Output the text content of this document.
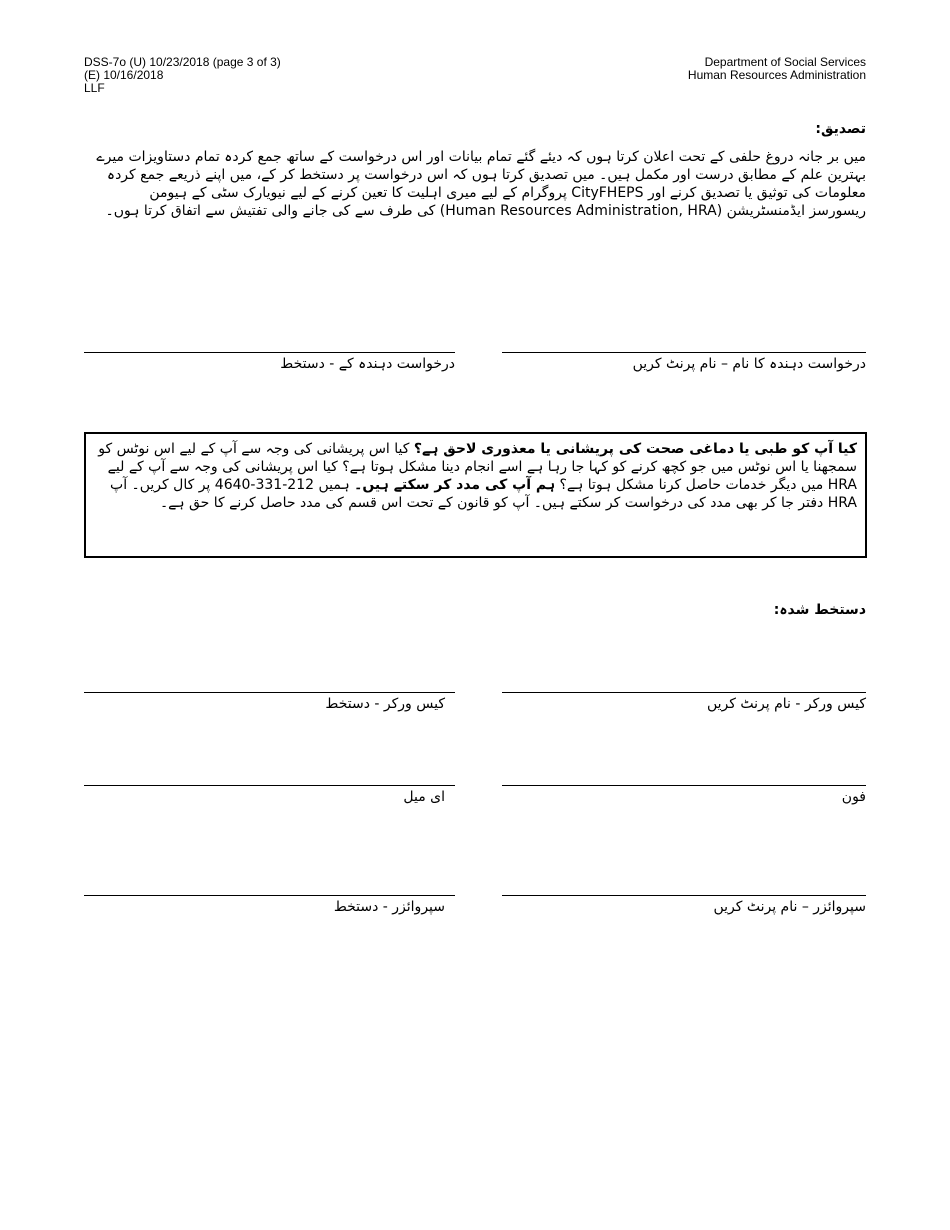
DSS-7o (U) 10/23/2018 (page 3 of 3)
(E) 10/16/2018
LLF
Department of Social Services
Human Resources Administration
تصدیق:
میں بر جانہ دروغ حلفی کے تحت اعلان کرتا ہوں کہ دیئے گئے تمام بیانات اور اس درخواست کے ساتھ جمع کردہ تمام دستاویزات میرے بہترین علم کے مطابق درست اور مکمل ہیں۔ میں تصدیق کرتا ہوں کہ اس درخواست پر دستخط کر کے، میں اپنے ذریعے جمع کردہ معلومات کی توثیق یا تصدیق کرنے اور CityFHEPS پروگرام کے لیے میری اہلیت کا تعین کرنے کے لیے نیویارک سٹی کے ہیومن ریسورسز ایڈمنسٹریشن (Human Resources Administration, HRA) کی طرف سے کی جانے والی تفتیش سے اتفاق کرتا ہوں۔
درخواست دہندہ کا نام – نام پرنٹ کریں
درخواست دہندہ کے - دستخط
کیا آپ کو طبی یا دماغی صحت کی پریشانی یا معذوری لاحق ہے؟ کیا اس پریشانی کی وجہ سے آپ کے لیے اس نوٹس کو سمجھنا یا اس نوٹس میں جو کچھ کرنے کو کہا جا رہا ہے اسے انجام دینا مشکل ہوتا ہے؟ کیا اس پریشانی کی وجہ سے آپ کے لیے HRA میں دیگر خدمات حاصل کرنا مشکل ہوتا ہے؟ ہم آپ کی مدد کر سکتے ہیں۔ ہمیں 212-331-4640 پر کال کریں۔ آپ HRA دفتر جا کر بھی مدد کی درخواست کر سکتے ہیں۔ آپ کو قانون کے تحت اس قسم کی مدد حاصل کرنے کا حق ہے۔
دستخط شدہ:
کیس ورکر - نام پرنٹ کریں
کیس ورکر - دستخط
فون
ای میل
سپروائزر – نام پرنٹ کریں
سپروائزر - دستخط
